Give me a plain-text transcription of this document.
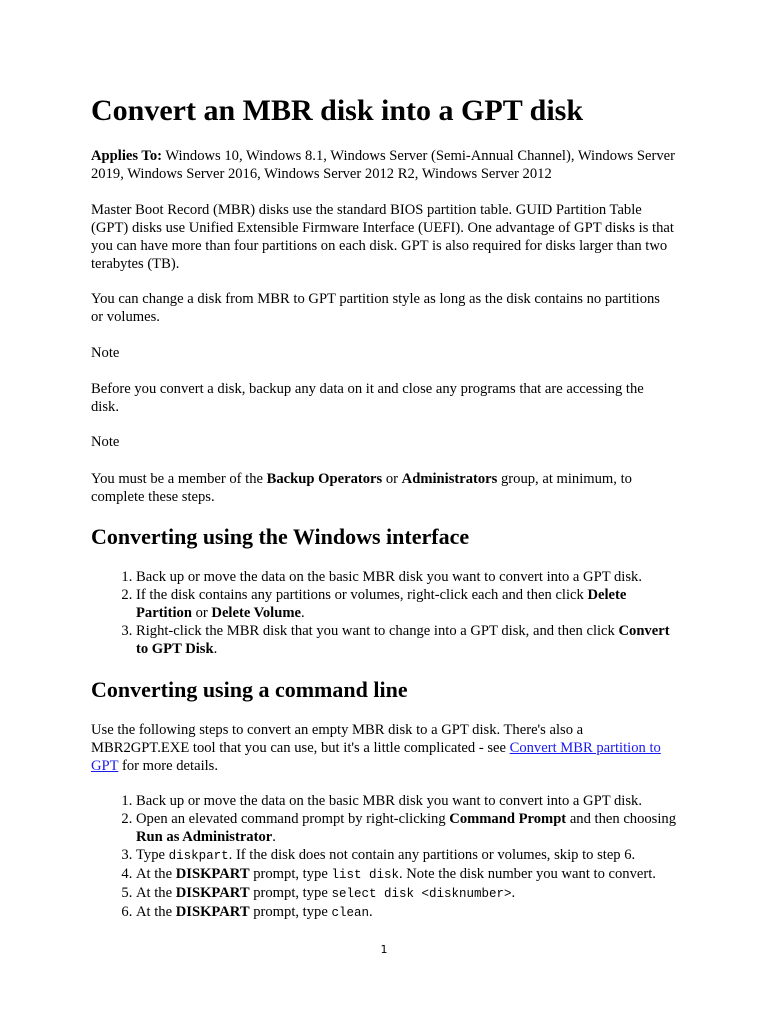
Convert an MBR disk into a GPT disk

Applies To: Windows 10, Windows 8.1, Windows Server (Semi-Annual Channel), Windows Server 2019, Windows Server 2016, Windows Server 2012 R2, Windows Server 2012

Master Boot Record (MBR) disks use the standard BIOS partition table. GUID Partition Table (GPT) disks use Unified Extensible Firmware Interface (UEFI). One advantage of GPT disks is that you can have more than four partitions on each disk. GPT is also required for disks larger than two terabytes (TB).

You can change a disk from MBR to GPT partition style as long as the disk contains no partitions or volumes.

Note

Before you convert a disk, backup any data on it and close any programs that are accessing the disk.

Note

You must be a member of the Backup Operators or Administrators group, at minimum, to complete these steps.

Converting using the Windows interface
1. Back up or move the data on the basic MBR disk you want to convert into a GPT disk.
2. If the disk contains any partitions or volumes, right-click each and then click Delete Partition or Delete Volume.
3. Right-click the MBR disk that you want to change into a GPT disk, and then click Convert to GPT Disk.
Converting using a command line

Use the following steps to convert an empty MBR disk to a GPT disk. There's also a MBR2GPT.EXE tool that you can use, but it's a little complicated - see Convert MBR partition to GPT for more details.

1. Back up or move the data on the basic MBR disk you want to convert into a GPT disk.
2. Open an elevated command prompt by right-clicking Command Prompt and then choosing Run as Administrator.
3. Type diskpart. If the disk does not contain any partitions or volumes, skip to step 6.
4. At the DISKPART prompt, type list disk. Note the disk number you want to convert.
5. At the DISKPART prompt, type select disk <disknumber>.
6. At the DISKPART prompt, type clean.
1
